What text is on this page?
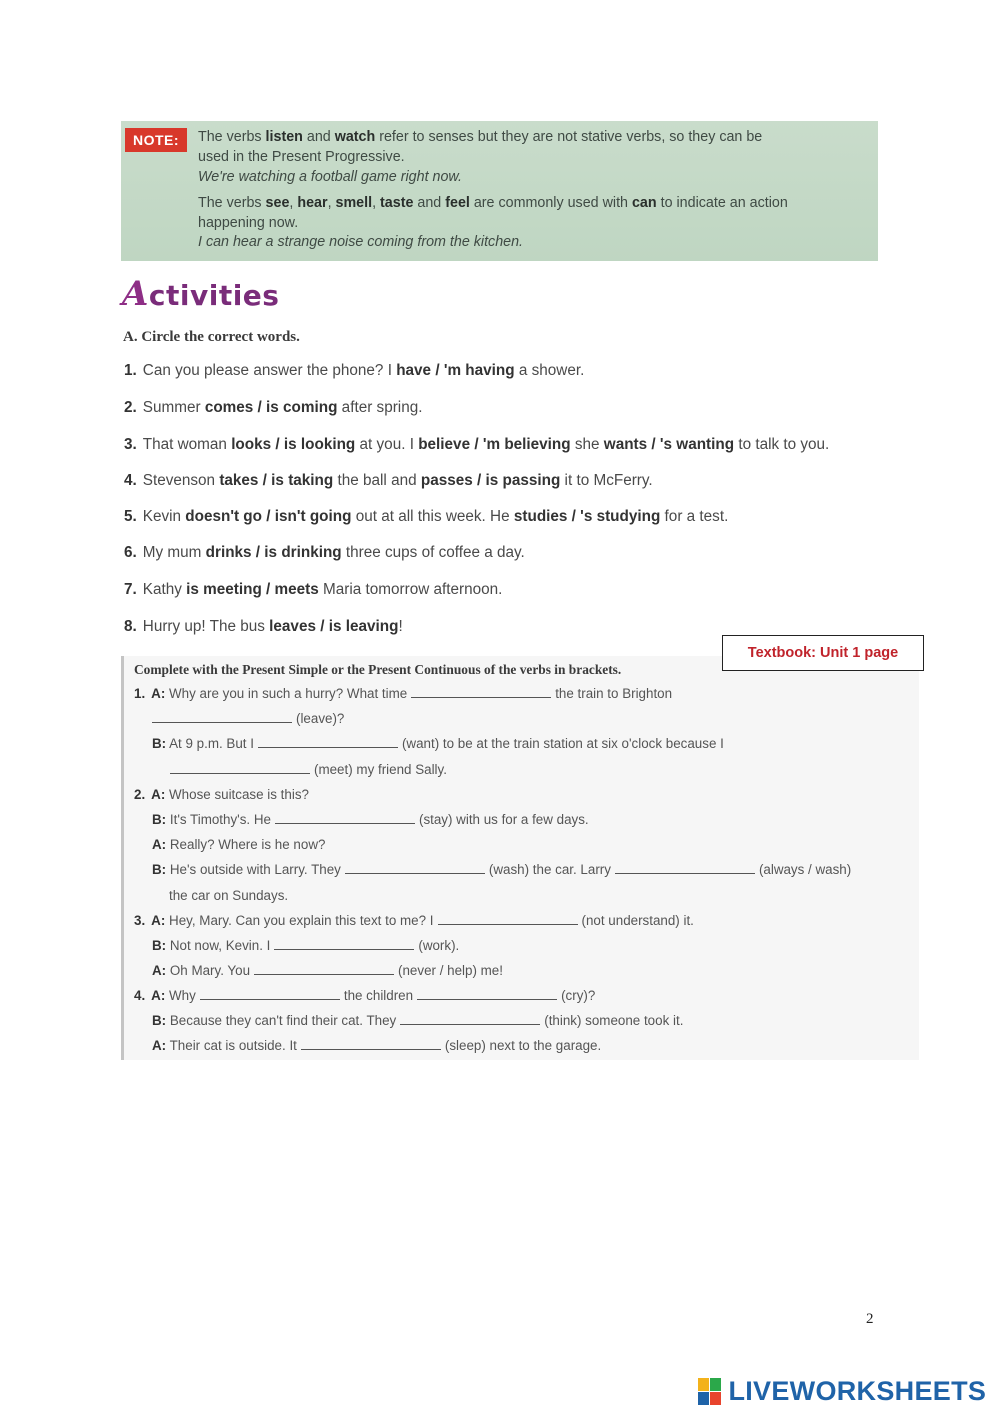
NOTE:	The verbs listen and watch refer to senses but they are not stative verbs, so they can be
used in the Present Progressive.
We're watching a football game right now.
The verbs see, hear, smell, taste and feel are commonly used with can to indicate an action
happening now.
I can hear a strange noise coming from the kitchen.
Activities
A. Circle the correct words.
1. Can you please answer the phone? I have / 'm having a shower.
2. Summer comes / is coming after spring.
3. That woman looks / is looking at you. I believe / 'm believing she wants / 's wanting to talk to you.
4. Stevenson takes / is taking the ball and passes / is passing it to McFerry.
5. Kevin doesn't go / isn't going out at all this week. He studies / 's studying for a test.
6. My mum drinks / is drinking three cups of coffee a day.
7. Kathy is meeting / meets Maria tomorrow afternoon.
8. Hurry up! The bus leaves / is leaving!
Complete with the Present Simple or the Present Continuous of the verbs in brackets.
Textbook: Unit 1 page
1. A: Why are you in such a hurry? What time	the train to Brighton
(leave)?
B: At 9 p.m. But I	(want) to be at the train station at six o'clock because I
(meet) my friend Sally.
2. A: Whose suitcase is this?
B: It's Timothy's. He	(stay) with us for a few days.
A: Really? Where is he now?
B: He's outside with Larry. They	(wash) the car. Larry	(always / wash)
the car on Sundays.
3. A: Hey, Mary. Can you explain this text to me? I	(not understand) it.
B: Not now, Kevin. I	(work).
A: Oh Mary. You	(never / help) me!
4. A: Why	the children	(cry)?
B: Because they can't find their cat. They	(think) someone took it.
A: Their cat is outside. It	(sleep) next to the garage.
2
LIVEWORKSHEETS
